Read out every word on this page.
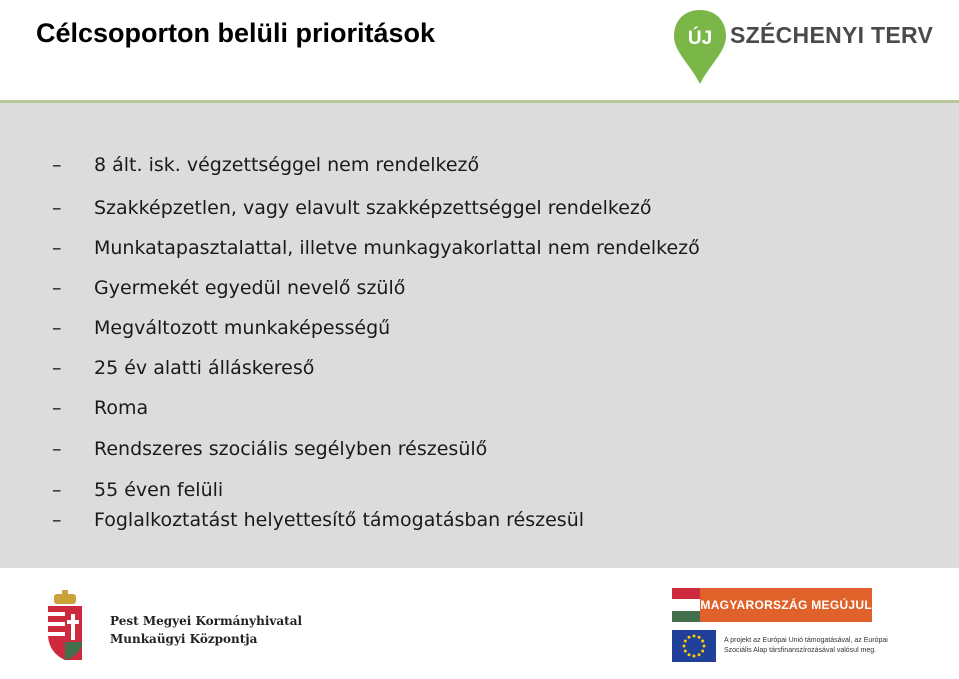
Célcsoporton belüli prioritások	ÚJ SZÉCHENYI TERV
–	8 ált. isk. végzettséggel nem rendelkező
–	Szakképzetlen, vagy elavult szakképzettséggel rendelkező
–	Munkatapasztalattal, illetve munkagyakorlattal nem rendelkező
–	Gyermekét egyedül nevelő szülő
–	Megváltozott munkaképességű
–	25 év alatti álláskereső
–	Roma
–	Rendszeres szociális segélyben részesülő
–	55 éven felüli
–	Foglalkoztatást helyettesítő támogatásban részesül
Pest Megyei Kormányhivatal
Munkaügyi Központja
MAGYARORSZÁG MEGÚJUL
A projekt az Európai Unió támogatásával, az Európai
Szociális Alap társfinanszírozásával valósul meg.
